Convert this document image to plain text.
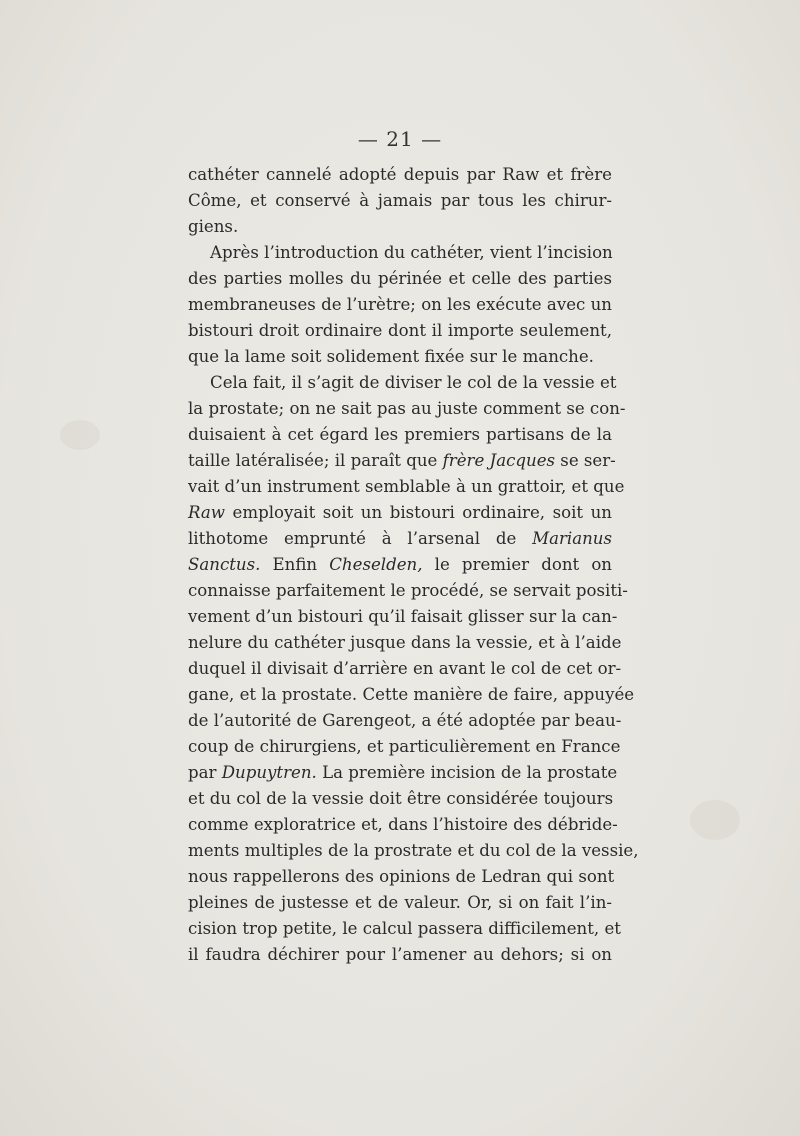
— 21 —
cathéter cannelé adopté depuis par Raw et frère
Côme, et conservé à jamais par tous les chirur-
giens.
Après l’introduction du cathéter, vient l’incision
des parties molles du périnée et celle des parties
membraneuses de l’urètre; on les exécute avec un
bistouri droit ordinaire dont il importe seulement,
que la lame soit solidement fixée sur le manche.
Cela fait, il s’agit de diviser le col de la vessie et
la prostate; on ne sait pas au juste comment se con-
duisaient à cet égard les premiers partisans de la
taille latéralisée; il paraît que frère Jacques se ser-
vait d’un instrument semblable à un grattoir, et que
Raw employait soit un bistouri ordinaire, soit un
lithotome emprunté à l’arsenal de Marianus
Sanctus. Enfin Cheselden, le premier dont on
connaisse parfaitement le procédé, se servait positi-
vement d’un bistouri qu’il faisait glisser sur la can-
nelure du cathéter jusque dans la vessie, et à l’aide
duquel il divisait d’arrière en avant le col de cet or-
gane, et la prostate. Cette manière de faire, appuyée
de l’autorité de Garengeot, a été adoptée par beau-
coup de chirurgiens, et particulièrement en France
par Dupuytren. La première incision de la prostate
et du col de la vessie doit être considérée toujours
comme exploratrice et, dans l’histoire des débride-
ments multiples de la prostrate et du col de la vessie,
nous rappellerons des opinions de Ledran qui sont
pleines de justesse et de valeur. Or, si on fait l’in-
cision trop petite, le calcul passera difficilement, et
il faudra déchirer pour l’amener au dehors; si on
